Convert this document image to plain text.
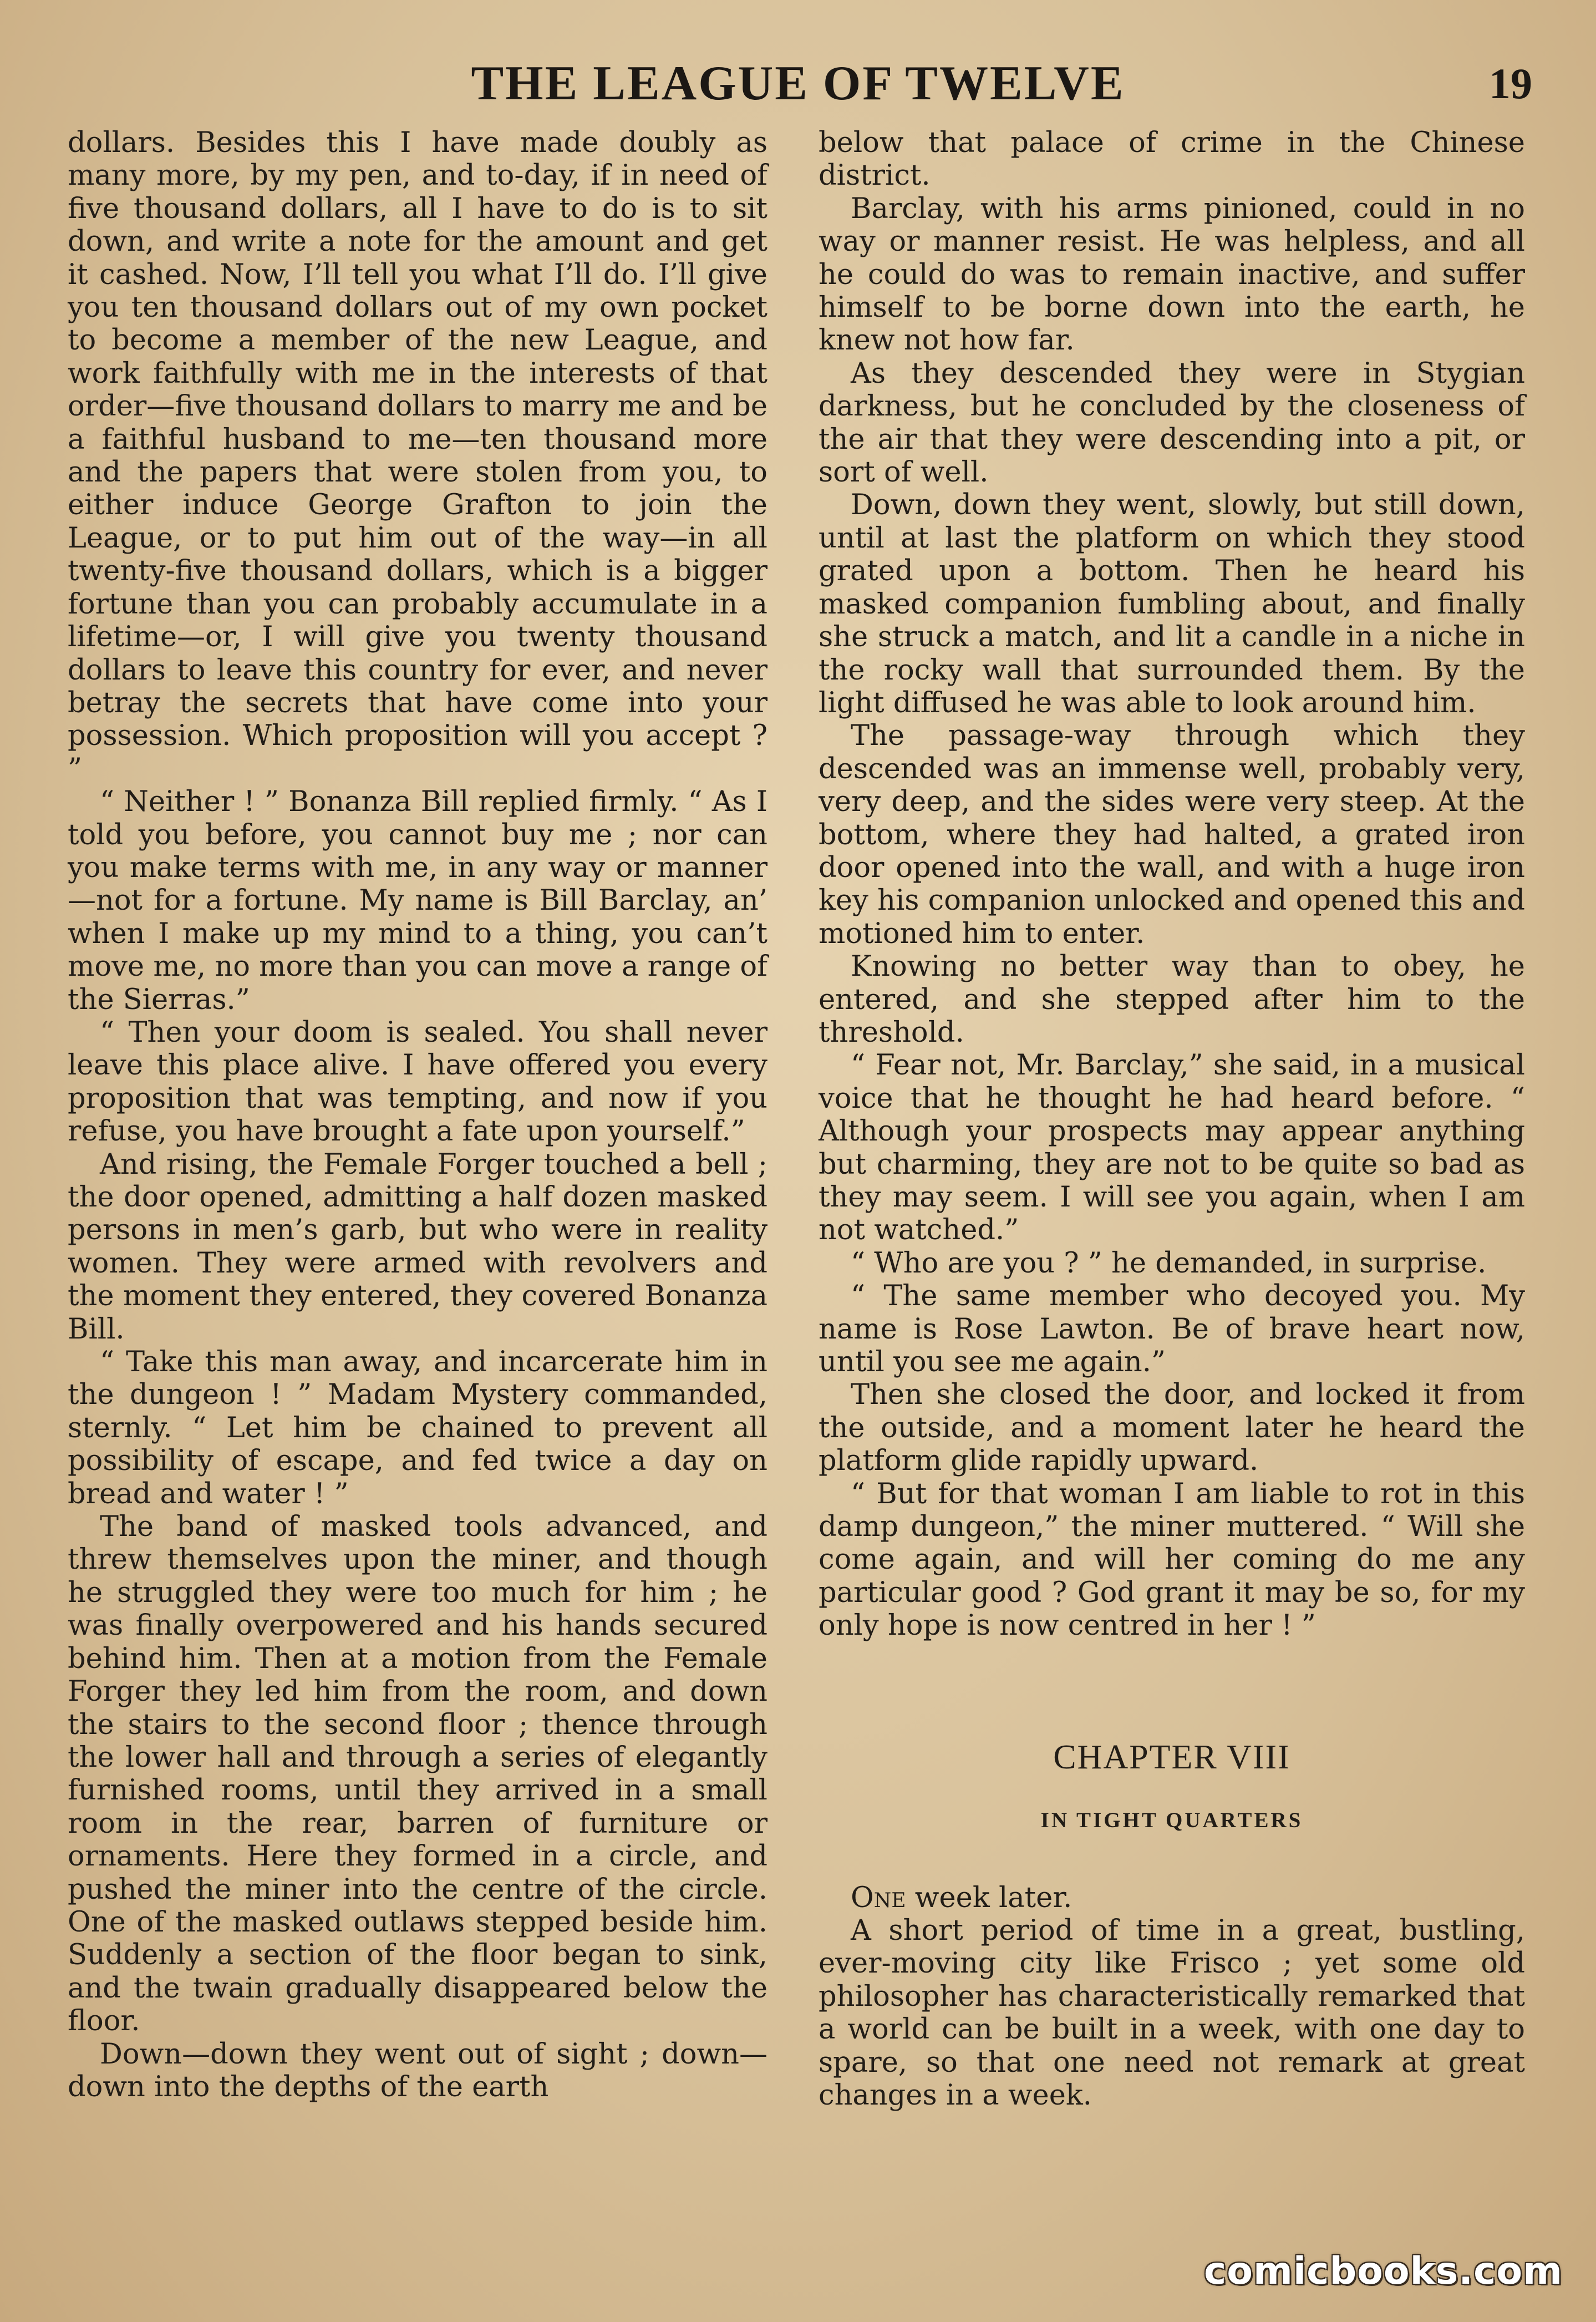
THE LEAGUE OF TWELVE	19

dollars. Besides this I have made doubly as many more, by my pen, and to-day, if in need of five thousand dollars, all I have to do is to sit down, and write a note for the amount and get it cashed. Now, I’ll tell you what I’ll do. I’ll give you ten thousand dollars out of my own pocket to become a member of the new League, and work faithfully with me in the interests of that order—five thousand dollars to marry me and be a faithful husband to me—ten thousand more and the papers that were stolen from you, to either induce George Grafton to join the League, or to put him out of the way—in all twenty-five thousand dollars, which is a bigger fortune than you can probably accumulate in a lifetime—or, I will give you twenty thousand dollars to leave this country for ever, and never betray the secrets that have come into your possession. Which proposition will you accept ? ”

“ Neither ! ” Bonanza Bill replied firmly. “ As I told you before, you cannot buy me ; nor can you make terms with me, in any way or manner—not for a fortune. My name is Bill Barclay, an’ when I make up my mind to a thing, you can’t move me, no more than you can move a range of the Sierras.”

“ Then your doom is sealed. You shall never leave this place alive. I have offered you every proposition that was tempting, and now if you refuse, you have brought a fate upon yourself.”

And rising, the Female Forger touched a bell ; the door opened, admitting a half dozen masked persons in men’s garb, but who were in reality women. They were armed with revolvers and the moment they entered, they covered Bonanza Bill.

“ Take this man away, and incarcerate him in the dungeon ! ” Madam Mystery commanded, sternly. “ Let him be chained to prevent all possibility of escape, and fed twice a day on bread and water ! ”

The band of masked tools advanced, and threw themselves upon the miner, and though he struggled they were too much for him ; he was finally overpowered and his hands secured behind him. Then at a motion from the Female Forger they led him from the room, and down the stairs to the second floor ; thence through the lower hall and through a series of elegantly furnished rooms, until they arrived in a small room in the rear, barren of furniture or ornaments. Here they formed in a circle, and pushed the miner into the centre of the circle. One of the masked outlaws stepped beside him. Suddenly a section of the floor began to sink, and the twain gradually disappeared below the floor.

Down—down they went out of sight ; down—down into the depths of the earth

below that palace of crime in the Chinese district.

Barclay, with his arms pinioned, could in no way or manner resist. He was helpless, and all he could do was to remain inactive, and suffer himself to be borne down into the earth, he knew not how far.

As they descended they were in Stygian darkness, but he concluded by the closeness of the air that they were descending into a pit, or sort of well.

Down, down they went, slowly, but still down, until at last the platform on which they stood grated upon a bottom. Then he heard his masked companion fumbling about, and finally she struck a match, and lit a candle in a niche in the rocky wall that surrounded them. By the light diffused he was able to look around him.

The passage-way through which they descended was an immense well, probably very, very deep, and the sides were very steep. At the bottom, where they had halted, a grated iron door opened into the wall, and with a huge iron key his companion unlocked and opened this and motioned him to enter.

Knowing no better way than to obey, he entered, and she stepped after him to the threshold.

“ Fear not, Mr. Barclay,” she said, in a musical voice that he thought he had heard before. “ Although your prospects may appear anything but charming, they are not to be quite so bad as they may seem. I will see you again, when I am not watched.”

“ Who are you ? ” he demanded, in surprise.

“ The same member who decoyed you. My name is Rose Lawton. Be of brave heart now, until you see me again.”

Then she closed the door, and locked it from the outside, and a moment later he heard the platform glide rapidly upward.

“ But for that woman I am liable to rot in this damp dungeon,” the miner muttered. “ Will she come again, and will her coming do me any particular good ? God grant it may be so, for my only hope is now centred in her ! ”

CHAPTER VIII
IN TIGHT QUARTERS

One week later.

A short period of time in a great, bustling, ever-moving city like Frisco ; yet some old philosopher has characteristically remarked that a world can be built in a week, with one day to spare, so that one need not remark at great changes in a week.

comicbooks.com
